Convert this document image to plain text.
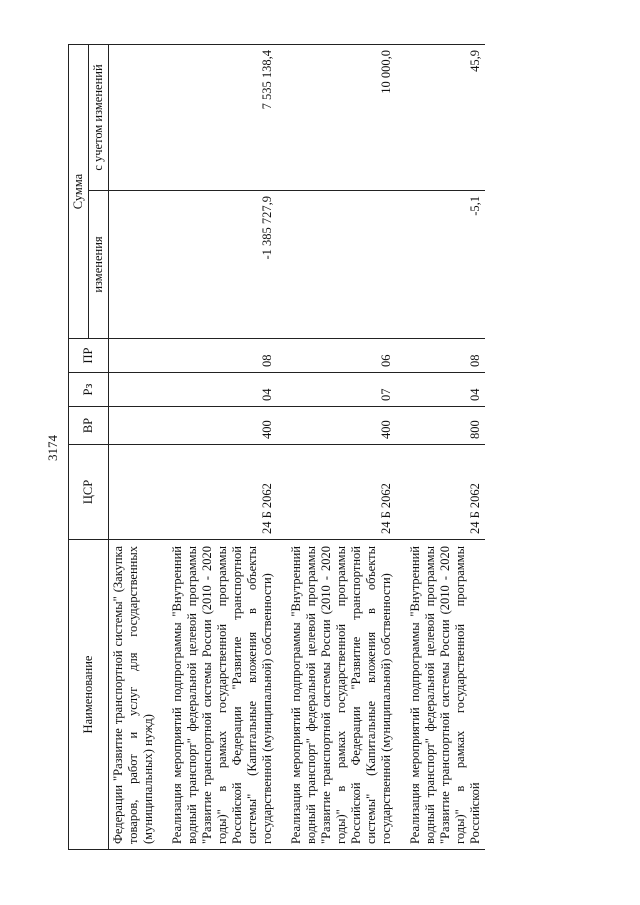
3174
Наименование	ЦСР	ВР	Рз	ПР	Сумма	
					изменения	с учетом изменений
Федерации "Развитие транспортной системы" (Закупка товаров, работ и услуг для государственных (муниципальных) нужд)						

Реализация мероприятий подпрограммы "Внутренний водный транспорт" федеральной целевой программы "Развитие транспортной системы России (2010 - 2020 годы)" в рамках государственной программы Российской Федерации "Развитие транспортной системы" (Капитальные вложения в объекты государственной (муниципальной) собственности)	24 Б 2062	400	04	08	-1 385 727,9	7 535 138,4

Реализация мероприятий подпрограммы "Внутренний водный транспорт" федеральной целевой программы "Развитие транспортной системы России (2010 - 2020 годы)" в рамках государственной программы Российской Федерации "Развитие транспортной системы" (Капитальные вложения в объекты государственной (муниципальной) собственности)	24 Б 2062	400	07	06		10 000,0

Реализация мероприятий подпрограммы "Внутренний водный транспорт" федеральной целевой программы "Развитие транспортной системы России (2010 - 2020 годы)" в рамках государственной программы Российской	24 Б 2062	800	04	08	-5,1	45,9
